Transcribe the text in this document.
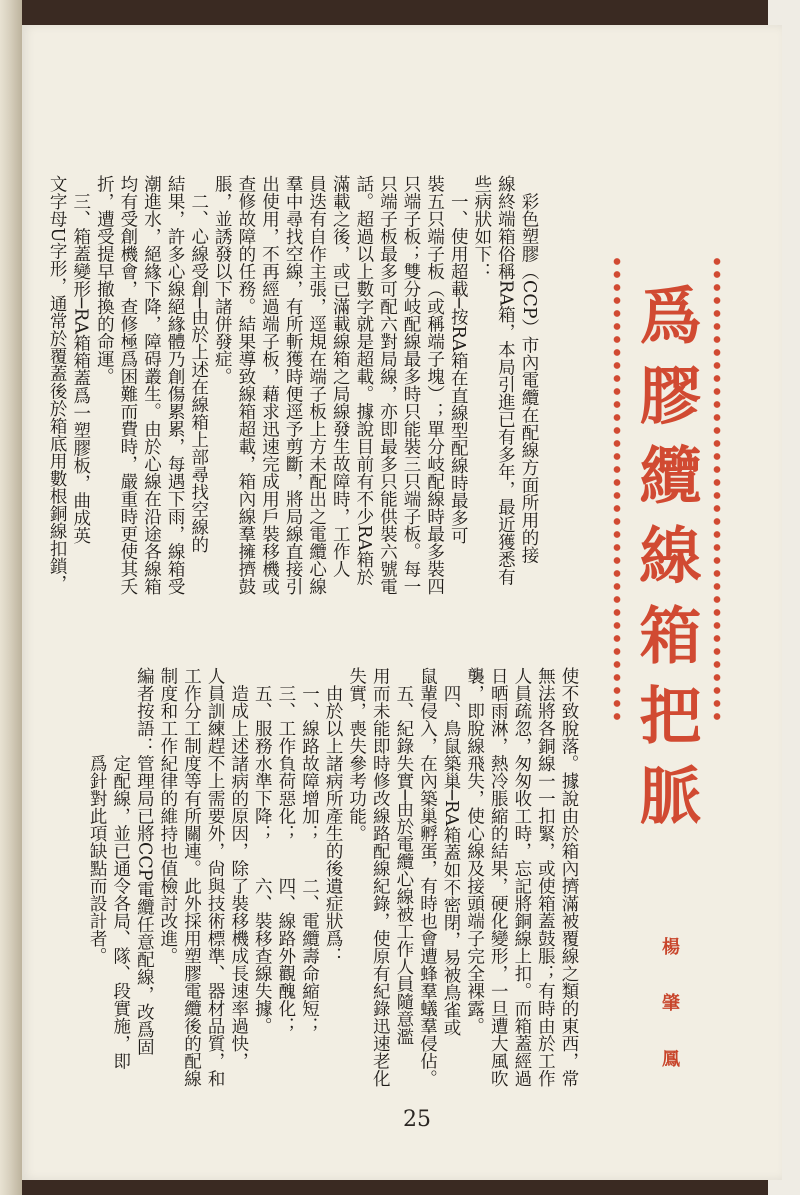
爲膠纜線箱把脈
楊　肇　鳳
　彩色塑膠（CCP）市內電纜在配線方面所用的接
線終端箱俗稱RA箱，本局引進已有多年，最近獲悉有
些病狀如下：
　一、使用超載─按RA箱在直線型配線時最多可
裝五只端子板（或稱端子塊）；單分岐配線時最多裝四
只端子板；雙分岐配線最多時只能裝三只端子板。每一
只端子板最多可配六對局線，亦即最多只能供裝六號電
話。超過以上數字就是超載。據說目前有不少RA箱於
滿載之後，或已滿載線箱之局線發生故障時，工作人
員迭有自作主張，逕規在端子板上方未配出之電纜心線
羣中尋找空線，有所斬獲時便逕予剪斷，將局線直接引
出使用，不再經過端子板，藉求迅速完成用戶裝移機或
查修故障的任務。結果導致線箱超載，箱內線羣擁擠鼓
脹，並誘發以下諸併發症。
　二、心線受創─由於上述在線箱上部尋找空線的
結果，許多心線絕緣體乃創傷累累，每遇下雨，線箱受
潮進水，絕緣下降，障碍叢生。由於心線在沿途各線箱
均有受創機會，查修極爲困難而費時，嚴重時更使其夭
折，遭受提早撤換的命運。
　三、箱蓋變形─RA箱箱蓋爲一塑膠板，曲成英
文字母U字形，通常於覆蓋後於箱底用數根銅線扣鎖，
使不致脫落。據說由於箱內擠滿被覆線之類的東西，常
無法將各銅線一一扣緊，或使箱蓋鼓脹；有時由於工作
人員疏忽，匆匆收工時，忘記將銅線上扣。而箱蓋經過
日晒雨淋，熱冷脹縮的結果，硬化變形，一旦遭大風吹
襲，即脫線飛失，使心線及接頭端子完全裸露。
　四、鳥鼠築巢─RA箱蓋如不密閉，易被鳥雀或
鼠輩侵入，在內築巢孵蛋，有時也會遭蜂羣蟻羣侵佔。
　五、紀錄失實─由於電纜心線被工作人員隨意濫
用而未能即時修改線路配線紀錄，使原有紀錄迅速老化
失實，喪失參考功能。
　由於以上諸病所產生的後遺症狀爲：
　一、線路故障增加；　　二、電纜壽命縮短；
　三、工作負荷惡化；　　四、線路外觀醜化；
　五、服務水準下降；　　六、裝移查線失據。
　造成上述諸病的原因，除了裝移機成長速率過快，
人員訓練趕不上需要外，尙與技術標準、器材品質，和
工作分工制度等有所關連。此外採用塑膠電纜後的配線
制度和工作紀律的維持也值檢討改進。
編者按語：管理局已將CCP電纜任意配線，改爲固
　　　　　定配線，並已通令各局、隊、段實施，即
　　　　　爲針對此項缺點而設計者。
25
